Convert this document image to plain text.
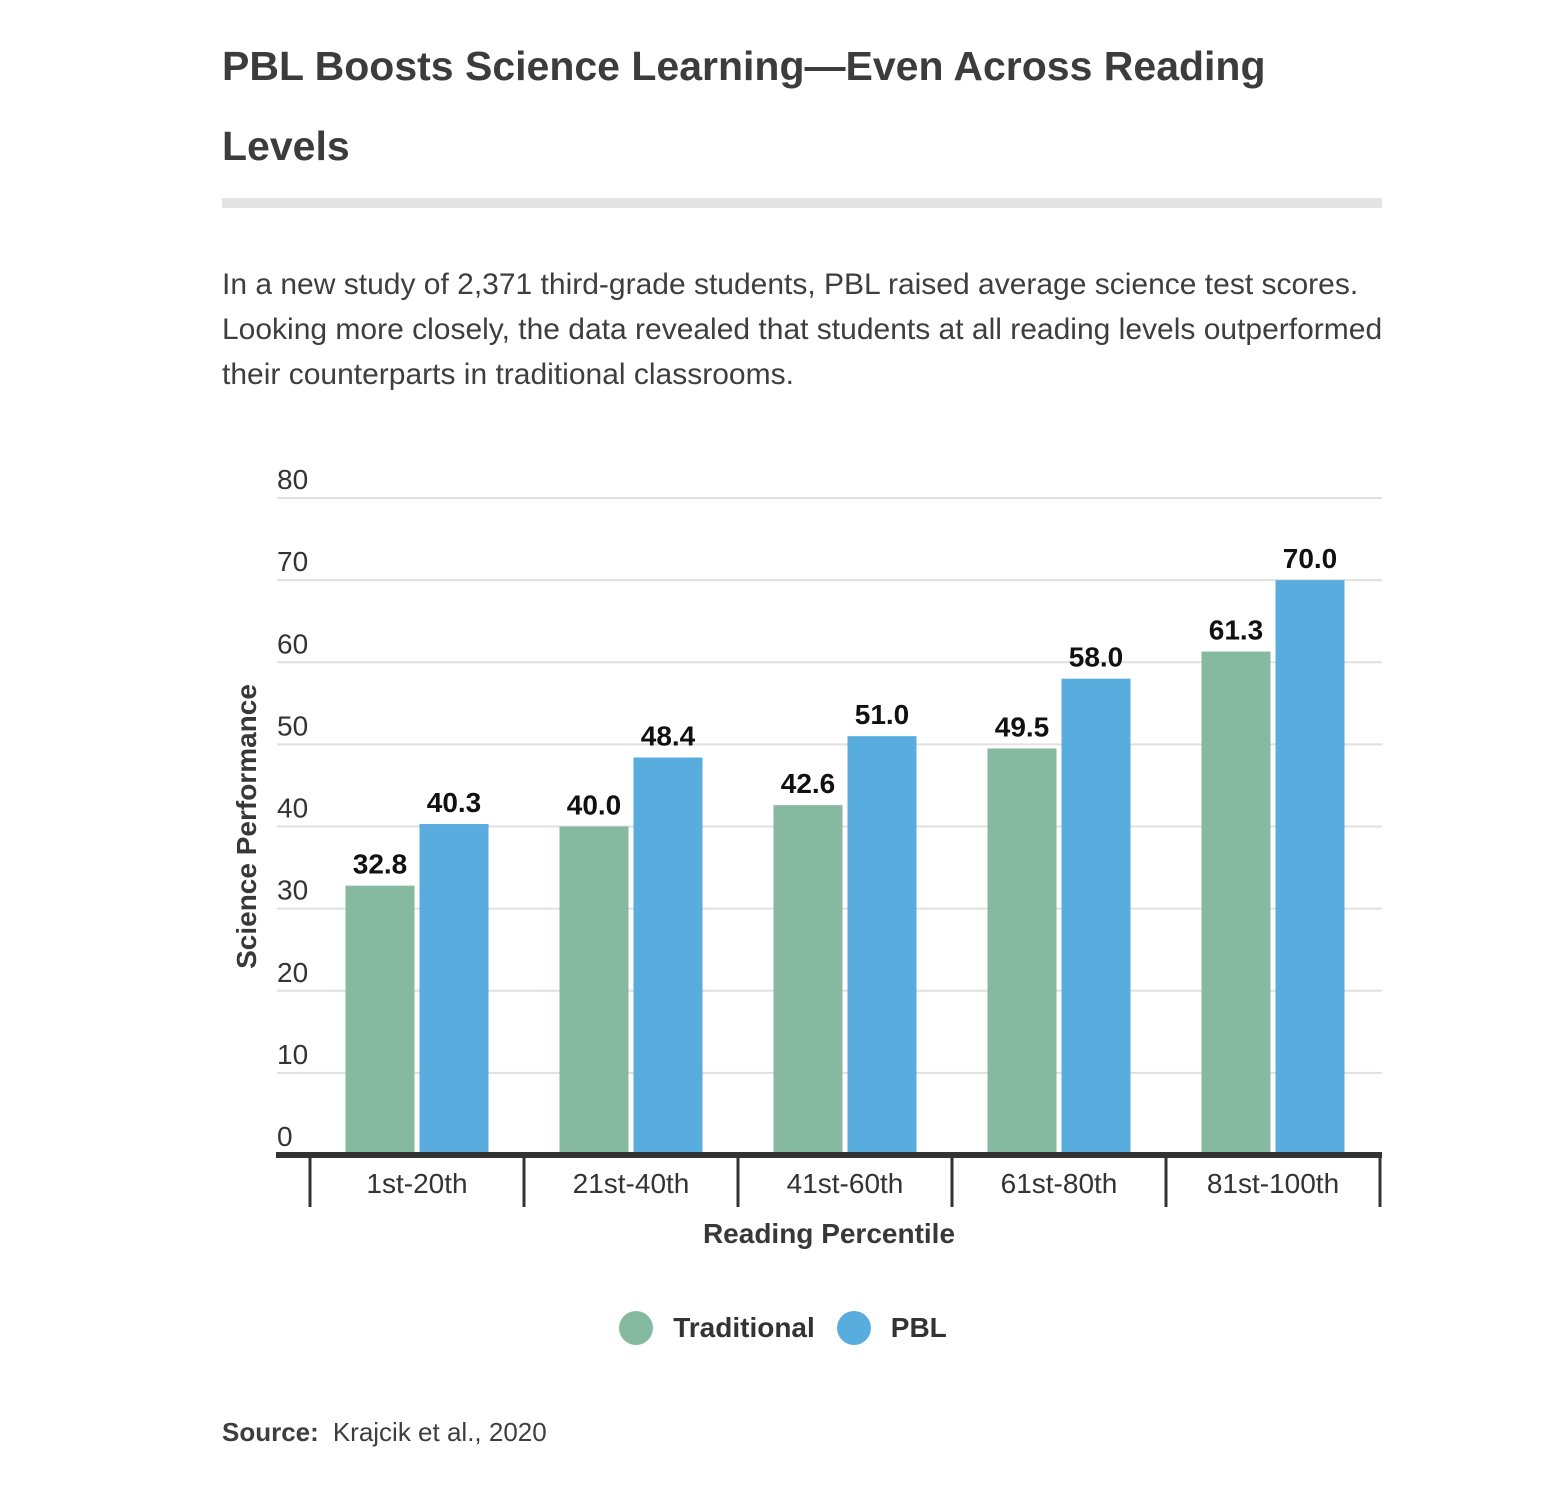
PBL Boosts Science Learning—Even Across Reading Levels
In a new study of 2,371 third-grade students, PBL raised average science test scores. Looking more closely, the data revealed that students at all reading levels outperformed their counterparts in traditional classrooms.
0
10
20
30
40
50
60
70
80
32.8
40.0
42.6
49.5
61.3
40.3
48.4
51.0
58.0
70.0
1st-20th	21st-40th	41st-60th	61st-80th	81st-100th
Reading Percentile
Science Performance
Traditional	PBL
Source: Krajcik et al., 2020
